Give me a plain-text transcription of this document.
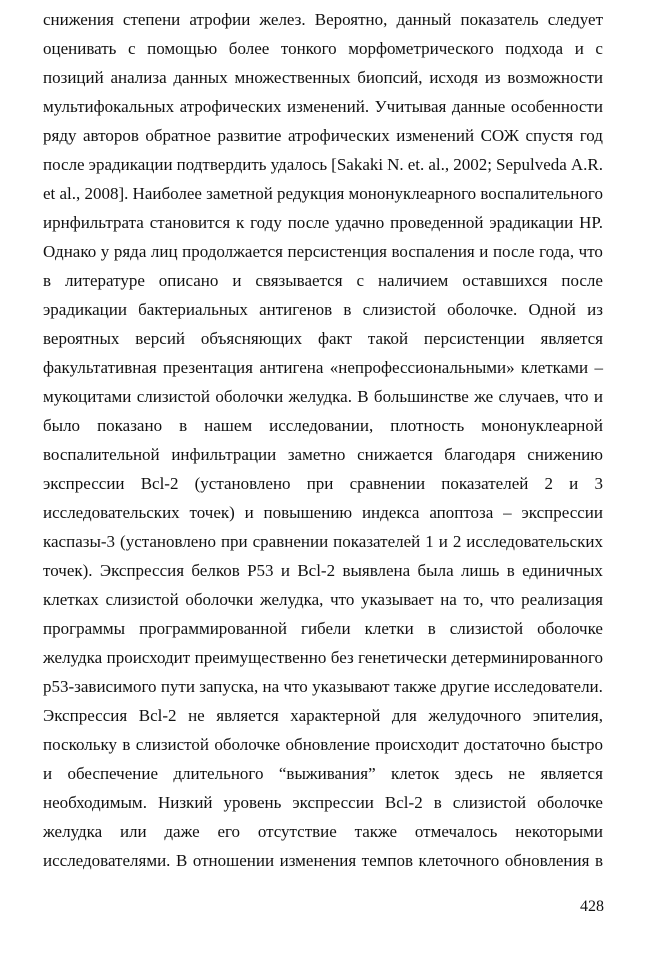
снижения степени атрофии желез. Вероятно, данный показатель следует
оценивать с помощью более тонкого морфометрического подхода и с
позиций анализа данных множественных биопсий, исходя из возможности
мультифокальных атрофических изменений. Учитывая данные особенности
ряду авторов обратное развитие атрофических изменений СОЖ спустя год
после эрадикации подтвердить удалось [Sakaki N. et. al., 2002; Sepulveda A.R.
et al., 2008]. Наиболее заметной редукция мононуклеарного воспалительного
ирнфильтрата становится к году после удачно проведенной эрадикации НР.
Однако у ряда лиц продолжается персистенция воспаления и после года, что
в литературе описано и связывается с наличием оставшихся после
эрадикации бактериальных антигенов в слизистой оболочке. Одной из
вероятных версий объясняющих факт такой персистенции является
факультативная презентация антигена «непрофессиональными» клетками –
мукоцитами слизистой оболочки желудка. В большинстве же случаев, что и
было показано в нашем исследовании, плотность мононуклеарной
воспалительной инфильтрации заметно снижается благодаря снижению
экспрессии Bcl-2 (установлено при сравнении показателей 2 и 3
исследовательских точек) и повышению индекса апоптоза – экспрессии
каспазы-3 (установлено при сравнении показателей 1 и 2 исследовательских
точек). Экспрессия белков P53 и Bcl-2 выявлена была лишь в единичных
клетках слизистой оболочки желудка, что указывает на то, что реализация
программы программированной гибели клетки в слизистой оболочке
желудка происходит преимущественно без генетически детерминированного
р53-зависимого пути запуска, на что указывают также другие исследователи.
Экспрессия Bcl-2 не является характерной для желудочного эпителия,
поскольку в слизистой оболочке обновление происходит достаточно быстро
и обеспечение длительного “выживания” клеток здесь не является
необходимым. Низкий уровень экспрессии Bcl-2 в слизистой оболочке
желудка или даже его отсутствие также отмечалось некоторыми
исследователями. В отношении изменения темпов клеточного обновления в
428
